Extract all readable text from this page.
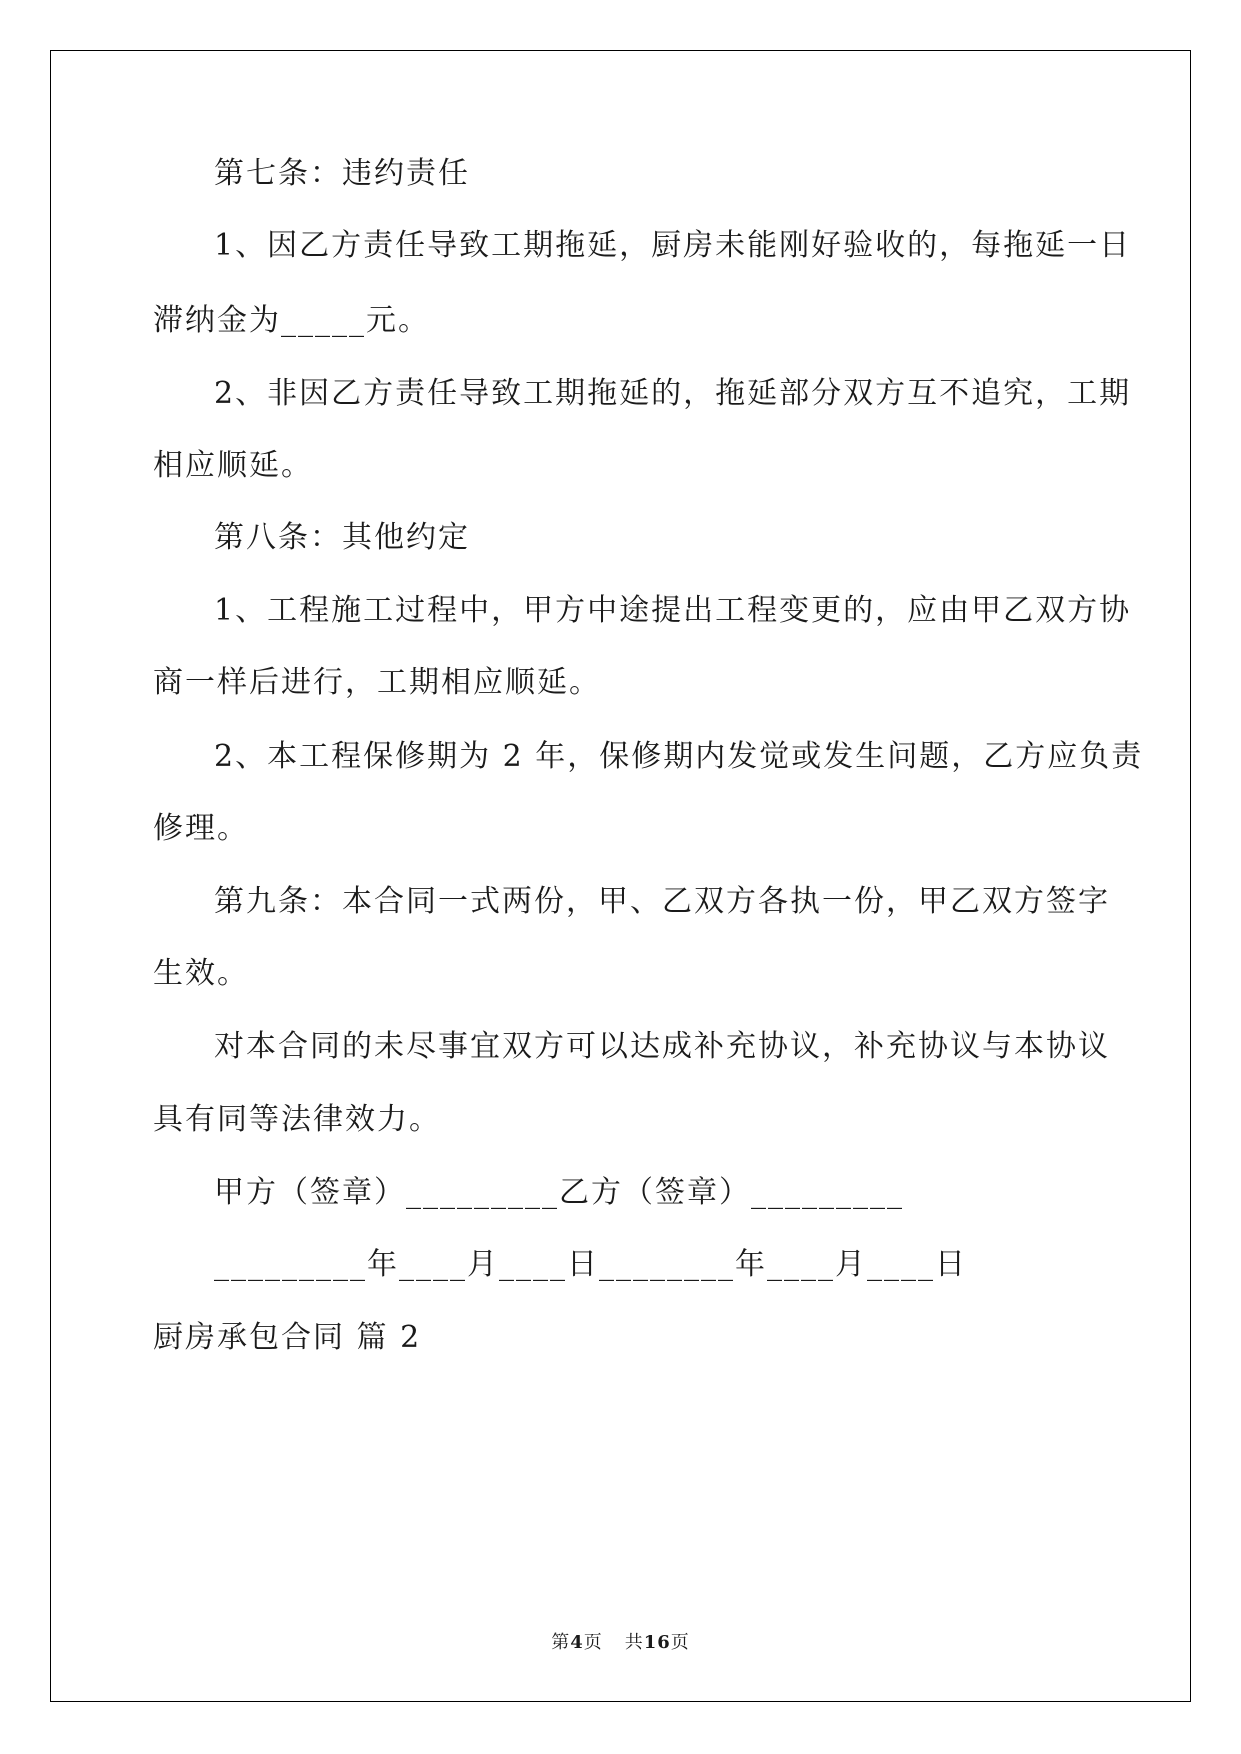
第七条：违约责任
1、因乙方责任导致工期拖延，厨房未能刚好验收的，每拖延一日
滞纳金为_____元。
2、非因乙方责任导致工期拖延的，拖延部分双方互不追究，工期
相应顺延。
第八条：其他约定
1、工程施工过程中，甲方中途提出工程变更的，应由甲乙双方协
商一样后进行，工期相应顺延。
2、本工程保修期为 2 年，保修期内发觉或发生问题，乙方应负责
修理。
第九条：本合同一式两份，甲、乙双方各执一份，甲乙双方签字
生效。
对本合同的未尽事宜双方可以达成补充协议，补充协议与本协议
具有同等法律效力。
甲方（签章）_________乙方（签章）_________
_________年____月____日________年____月____日
厨房承包合同 篇 2
第4页 共16页
